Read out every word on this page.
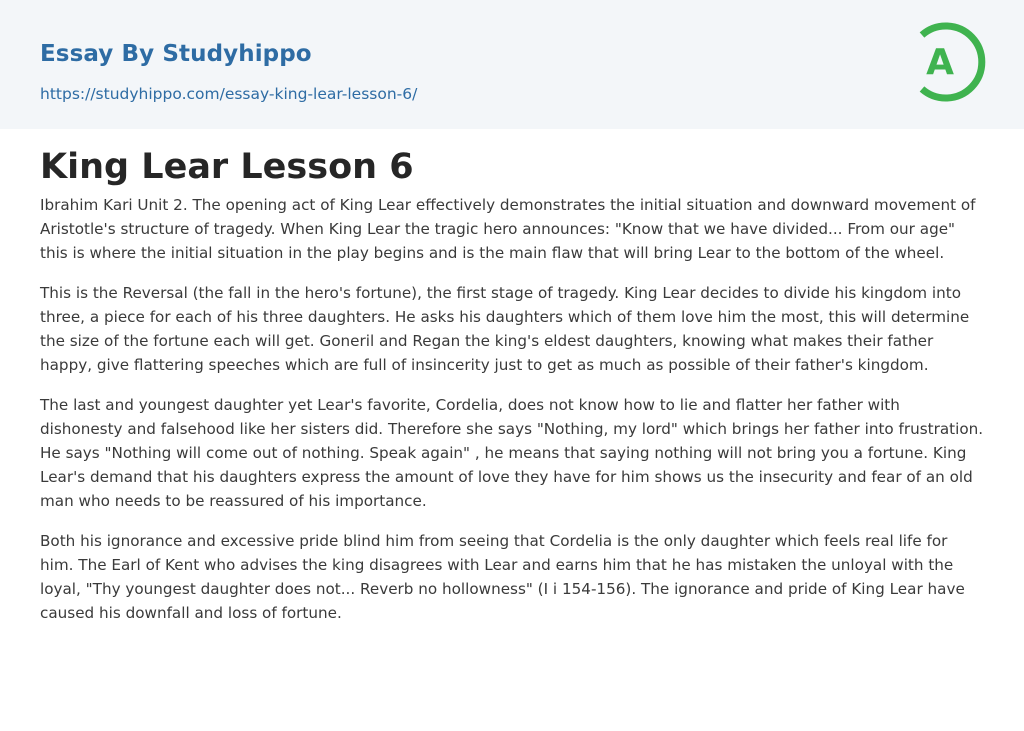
Essay By Studyhippo
https://studyhippo.com/essay-king-lear-lesson-6/
A
King Lear Lesson 6

Ibrahim Kari Unit 2. The opening act of King Lear effectively demonstrates the initial situation and downward movement of Aristotle's structure of tragedy. When King Lear the tragic hero announces: "Know that we have divided... From our age" this is where the initial situation in the play begins and is the main flaw that will bring Lear to the bottom of the wheel.

This is the Reversal (the fall in the hero's fortune), the first stage of tragedy. King Lear decides to divide his kingdom into three, a piece for each of his three daughters. He asks his daughters which of them love him the most, this will determine the size of the fortune each will get. Goneril and Regan the king's eldest daughters, knowing what makes their father happy, give flattering speeches which are full of insincerity just to get as much as possible of their father's kingdom.

The last and youngest daughter yet Lear's favorite, Cordelia, does not know how to lie and flatter her father with dishonesty and falsehood like her sisters did. Therefore she says "Nothing, my lord" which brings her father into frustration. He says "Nothing will come out of nothing. Speak again" , he means that saying nothing will not bring you a fortune. King Lear's demand that his daughters express the amount of love they have for him shows us the insecurity and fear of an old man who needs to be reassured of his importance.

Both his ignorance and excessive pride blind him from seeing that Cordelia is the only daughter which feels real life for him. The Earl of Kent who advises the king disagrees with Lear and earns him that he has mistaken the unloyal with the loyal, "Thy youngest daughter does not... Reverb no hollowness" (I i 154-156). The ignorance and pride of King Lear have caused his downfall and loss of fortune.
